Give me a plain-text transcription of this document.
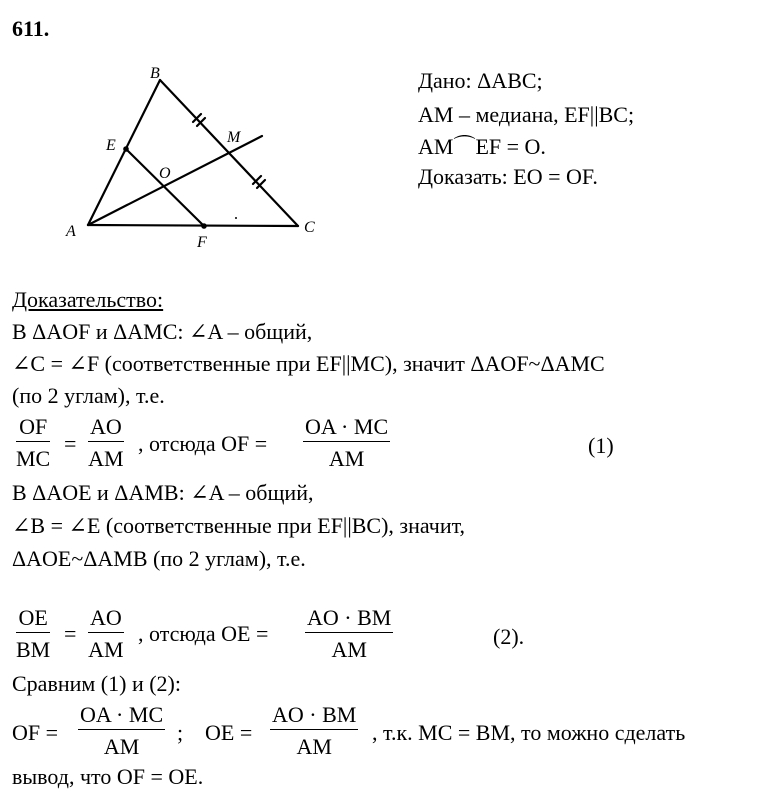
611.
A
B
C
E
F
M
O
Дано: ΔABC;
AM – медиана, EF||BC;
AM⌒EF = O.
Доказать: EO = OF.
Доказательство:
В ΔAOF и ΔAMC: ∠A – общий,
∠C = ∠F (соответственные при EF||MC), значит ΔAOF~ΔAMC
(по 2 углам), т.е.
$\frac{OF}{MC} = \frac{AO}{AM}$ , отсюда OF = $\frac{OA \cdot MC}{AM}$	(1)
В ΔAOE и ΔAMB: ∠A – общий,
∠B = ∠E (соответственные при EF||BC), значит,
ΔAOE~ΔAMB (по 2 углам), т.е.
$\frac{OE}{BM} = \frac{AO}{AM}$ , отсюда OE = $\frac{AO \cdot BM}{AM}$	(2).
Сравним (1) и (2):
OF = $\frac{OA \cdot MC}{AM}$ ; OE = $\frac{AO \cdot BM}{AM}$ , т.к. MC = BM, то можно сделать
вывод, что OF = OE.
